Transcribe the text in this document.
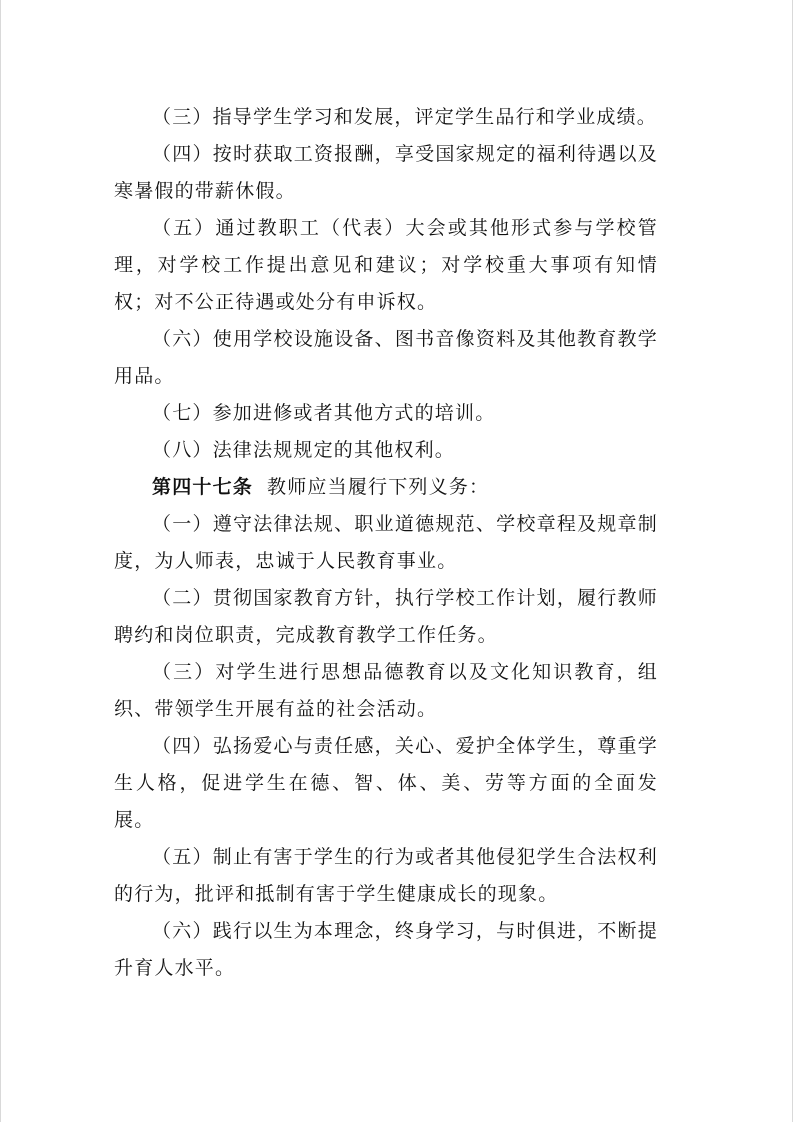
（三）指导学生学习和发展，评定学生品行和学业成绩。

（四）按时获取工资报酬，享受国家规定的福利待遇以及寒暑假的带薪休假。

（五）通过教职工（代表）大会或其他形式参与学校管理，对学校工作提出意见和建议；对学校重大事项有知情权；对不公正待遇或处分有申诉权。

（六）使用学校设施设备、图书音像资料及其他教育教学用品。

（七）参加进修或者其他方式的培训。

（八）法律法规规定的其他权利。

第四十七条 教师应当履行下列义务：

（一）遵守法律法规、职业道德规范、学校章程及规章制度，为人师表，忠诚于人民教育事业。

（二）贯彻国家教育方针，执行学校工作计划，履行教师聘约和岗位职责，完成教育教学工作任务。

（三）对学生进行思想品德教育以及文化知识教育，组织、带领学生开展有益的社会活动。

（四）弘扬爱心与责任感，关心、爱护全体学生，尊重学生人格，促进学生在德、智、体、美、劳等方面的全面发展。

（五）制止有害于学生的行为或者其他侵犯学生合法权利的行为，批评和抵制有害于学生健康成长的现象。

（六）践行以生为本理念，终身学习，与时俱进，不断提升育人水平。
